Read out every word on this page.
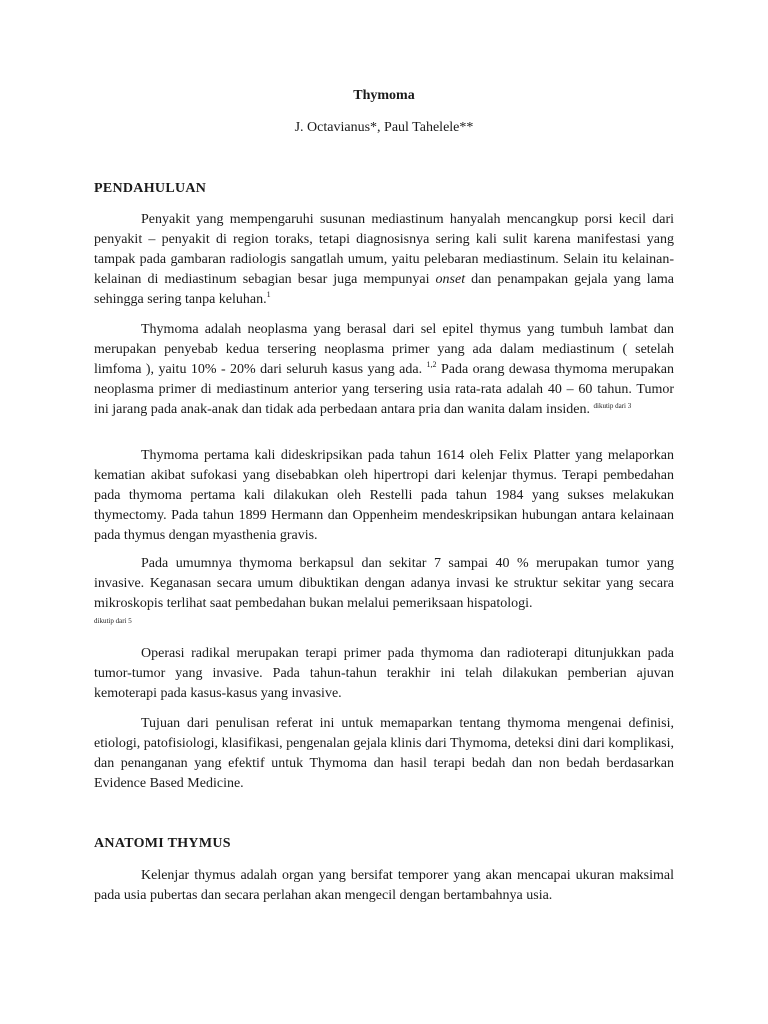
Thymoma
J. Octavianus*, Paul Tahelele**
PENDAHULUAN

Penyakit yang mempengaruhi susunan mediastinum hanyalah mencangkup porsi kecil dari penyakit – penyakit di region toraks, tetapi diagnosisnya sering kali sulit karena manifestasi yang tampak pada gambaran radiologis sangatlah umum, yaitu pelebaran mediastinum. Selain itu kelainan-kelainan di mediastinum sebagian besar juga mempunyai onset dan penampakan gejala yang lama sehingga sering tanpa keluhan.$^1$

Thymoma adalah neoplasma yang berasal dari sel epitel thymus yang tumbuh lambat dan merupakan penyebab kedua tersering neoplasma primer yang ada dalam mediastinum ( setelah limfoma ), yaitu 10% - 20% dari seluruh kasus yang ada. $^{1,2}$ Pada orang dewasa thymoma merupakan neoplasma primer di mediastinum anterior yang tersering usia rata-rata adalah 40 – 60 tahun. Tumor ini jarang pada anak-anak dan tidak ada perbedaan antara pria dan wanita dalam insiden. $^{dikutip dari 3}$

Thymoma pertama kali dideskripsikan pada tahun 1614 oleh Felix Platter yang melaporkan kematian akibat sufokasi yang disebabkan oleh hipertropi dari kelenjar thymus. Terapi pembedahan pada thymoma pertama kali dilakukan oleh Restelli pada tahun 1984 yang sukses melakukan thymectomy. Pada tahun 1899 Hermann dan Oppenheim mendeskripsikan hubungan antara kelainaan pada thymus dengan myasthenia gravis.

Pada umumnya thymoma berkapsul dan sekitar 7 sampai 40 % merupakan tumor yang invasive. Keganasan secara umum dibuktikan dengan adanya invasi ke struktur sekitar yang secara mikroskopis terlihat saat pembedahan bukan melalui pemeriksaan hispatologi.
dikutip dari 5

Operasi radikal merupakan terapi primer pada thymoma dan radioterapi ditunjukkan pada tumor-tumor yang invasive. Pada tahun-tahun terakhir ini telah dilakukan pemberian ajuvan kemoterapi pada kasus-kasus yang invasive.

Tujuan dari penulisan referat ini untuk memaparkan tentang thymoma mengenai definisi, etiologi, patofisiologi, klasifikasi, pengenalan gejala klinis dari Thymoma, deteksi dini dari komplikasi, dan penanganan yang efektif untuk Thymoma dan hasil terapi bedah dan non bedah berdasarkan Evidence Based Medicine.

ANATOMI THYMUS

Kelenjar thymus adalah organ yang bersifat temporer yang akan mencapai ukuran maksimal pada usia pubertas dan secara perlahan akan mengecil dengan bertambahnya usia.
